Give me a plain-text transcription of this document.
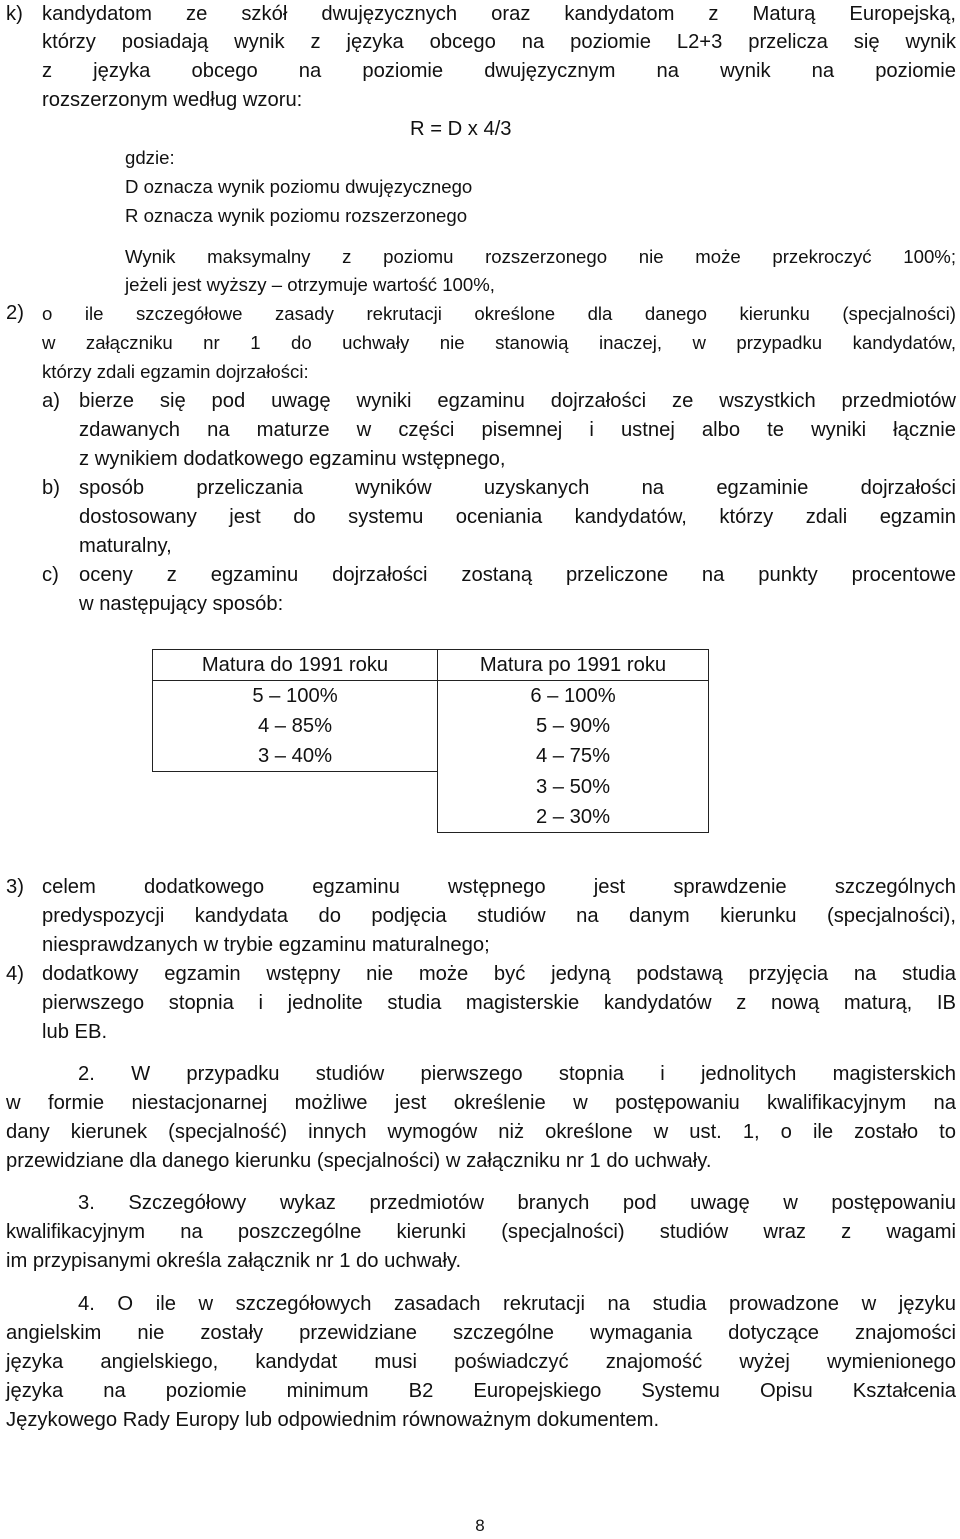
k) kandydatom ze szkół dwujęzycznych oraz kandydatom z Maturą Europejską,
którzy posiadają wynik z języka obcego na poziomie L2+3 przelicza się wynik
z języka obcego na poziomie dwujęzycznym na wynik na poziomie
rozszerzonym według wzoru:
R = D x 4/3
gdzie:
D oznacza wynik poziomu dwujęzycznego
R oznacza wynik poziomu rozszerzonego
Wynik maksymalny z poziomu rozszerzonego nie może przekroczyć 100%;
jeżeli jest wyższy – otrzymuje wartość 100%,
2) o ile szczegółowe zasady rekrutacji określone dla danego kierunku (specjalności)
w załączniku nr 1 do uchwały nie stanowią inaczej, w przypadku kandydatów,
którzy zdali egzamin dojrzałości:
a) bierze się pod uwagę wyniki egzaminu dojrzałości ze wszystkich przedmiotów
zdawanych na maturze w części pisemnej i ustnej albo te wyniki łącznie
z wynikiem dodatkowego egzaminu wstępnego,
b) sposób przeliczania wyników uzyskanych na egzaminie dojrzałości
dostosowany jest do systemu oceniania kandydatów, którzy zdali egzamin
maturalny,
c) oceny z egzaminu dojrzałości zostaną przeliczone na punkty procentowe
w następujący sposób:
Matura do 1991 roku	Matura po 1991 roku
5 – 100%	6 – 100%
4 – 85%	5 – 90%
3 – 40%	4 – 75%
	3 – 50%
	2 – 30%
3) celem dodatkowego egzaminu wstępnego jest sprawdzenie szczególnych
predyspozycji kandydata do podjęcia studiów na danym kierunku (specjalności),
niesprawdzanych w trybie egzaminu maturalnego;
4) dodatkowy egzamin wstępny nie może być jedyną podstawą przyjęcia na studia
pierwszego stopnia i jednolite studia magisterskie kandydatów z nową maturą, IB
lub EB.
2. W przypadku studiów pierwszego stopnia i jednolitych magisterskich
w formie niestacjonarnej możliwe jest określenie w postępowaniu kwalifikacyjnym na
dany kierunek (specjalność) innych wymogów niż określone w ust. 1, o ile zostało to
przewidziane dla danego kierunku (specjalności) w załączniku nr 1 do uchwały.
3. Szczegółowy wykaz przedmiotów branych pod uwagę w postępowaniu
kwalifikacyjnym na poszczególne kierunki (specjalności) studiów wraz z wagami
im przypisanymi określa załącznik nr 1 do uchwały.
4. O ile w szczegółowych zasadach rekrutacji na studia prowadzone w języku
angielskim nie zostały przewidziane szczególne wymagania dotyczące znajomości
języka angielskiego, kandydat musi poświadczyć znajomość wyżej wymienionego
języka na poziomie minimum B2 Europejskiego Systemu Opisu Kształcenia
Językowego Rady Europy lub odpowiednim równoważnym dokumentem.
8
